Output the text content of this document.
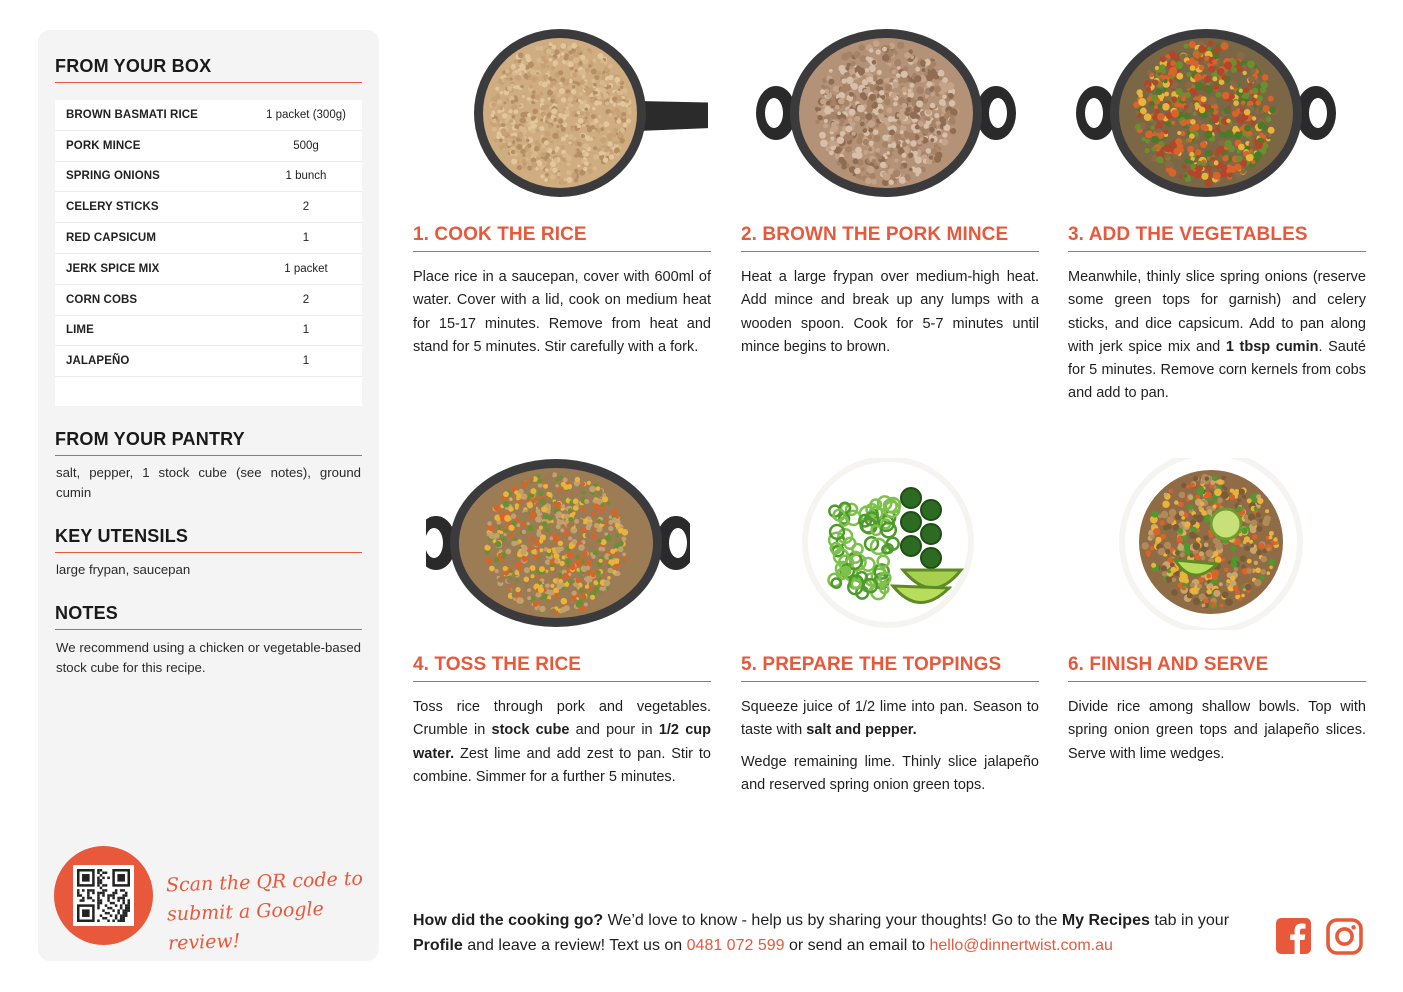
FROM YOUR BOX
BROWN BASMATI RICE	1 packet (300g)
PORK MINCE	500g
SPRING ONIONS	1 bunch
CELERY STICKS	2
RED CAPSICUM	1
JERK SPICE MIX	1 packet
CORN COBS	2
LIME	1
JALAPEÑO	1
FROM YOUR PANTRY
salt, pepper, 1 stock cube (see notes), ground cumin
KEY UTENSILS
large frypan, saucepan
NOTES
We recommend using a chicken or vegetable-based stock cube for this recipe.
Scan the QR code to submit a Google review!
1. COOK THE RICE
Place rice in a saucepan, cover with 600ml of water. Cover with a lid, cook on medium heat for 15-17 minutes. Remove from heat and stand for 5 minutes. Stir carefully with a fork.
2. BROWN THE PORK MINCE
Heat a large frypan over medium-high heat. Add mince and break up any lumps with a wooden spoon. Cook for 5-7 minutes until mince begins to brown.
3. ADD THE VEGETABLES
Meanwhile, thinly slice spring onions (reserve some green tops for garnish) and celery sticks, and dice capsicum. Add to pan along with jerk spice mix and 1 tbsp cumin. Sauté for 5 minutes. Remove corn kernels from cobs and add to pan.
4. TOSS THE RICE
Toss rice through pork and vegetables. Crumble in stock cube and pour in 1/2 cup water. Zest lime and add zest to pan. Stir to combine. Simmer for a further 5 minutes.
5. PREPARE THE TOPPINGS
Squeeze juice of 1/2 lime into pan. Season to taste with salt and pepper.
Wedge remaining lime. Thinly slice jalapeño and reserved spring onion green tops.
6. FINISH AND SERVE
Divide rice among shallow bowls. Top with spring onion green tops and jalapeño slices. Serve with lime wedges.
How did the cooking go? We’d love to know - help us by sharing your thoughts! Go to the My Recipes tab in your Profile and leave a review! Text us on 0481 072 599 or send an email to hello@dinnertwist.com.au
